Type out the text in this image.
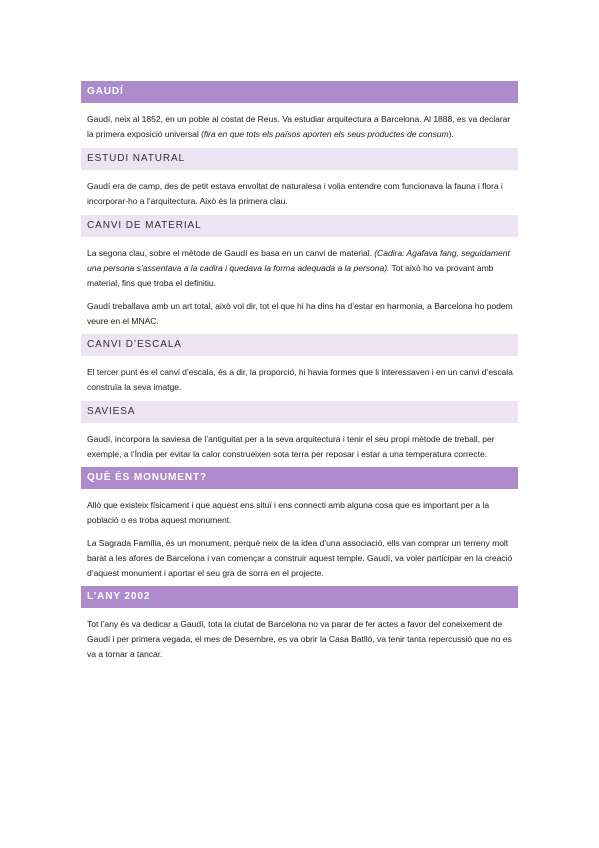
GAUDÍ

Gaudí, neix al 1852, en un poble al costat de Reus. Va estudiar arquitectura a Barcelona. Al 1888, es va declarar la primera exposició universal (fira en que tots els països aporten els seus productes de consum).

ESTUDI NATURAL

Gaudí era de camp, des de petit estava envoltat de naturalesa i volia entendre com funcionava la fauna i flora i incorporar-ho a l’arquitectura. Això és la primera clau.

CANVI DE MATERIAL

La segona clau, sobre el mètode de Gaudí es basa en un canvi de material. (Cadira: Agafava fang, seguidament una persona s’assentava a la cadira i quedava la forma adequada a la persona). Tot això ho va provant amb material, fins que troba el definitiu.

Gaudí treballava amb un art total, això vol dir, tot el que hi ha dins ha d’estar en harmonia, a Barcelona ho podem veure en el MNAC.

CANVI D’ESCALA

El tercer punt és el canvi d’escala, és a dir, la proporció, hi havia formes que li interessaven i en un canvi d’escala construïa la seva imatge.

SAVIESA

Gaudí, incorpora la saviesa de l’antiguitat per a la seva arquitectura i tenir el seu propi mètode de treball, per exemple, a l’Índia per evitar la calor construeixen sota terra per reposar i estar a una temperatura correcte.

QUÈ ÉS MONUMENT?

Allò que existeix físicament i que aquest ens situï i ens connecti amb alguna cosa que es important per a la població o es troba aquest monument.

La Sagrada Família, és un monument, perquè neix de la idea d’una associació, ells van comprar un terreny molt barat a les afores de Barcelona i van començar a construir aquest temple. Gaudí, va voler participar en la creació d’aquest monument i aportar el seu gra de sorra en el projecte.

L’ANY 2002

Tot l’any és va dedicar a Gaudí, tota la ciutat de Barcelona no va parar de fer actes a favor del coneixement de Gaudí i per primera vegada, el mes de Desembre, es va obrir la Casa Batlló, va tenir tanta repercussió que no es va a tornar a tancar.
